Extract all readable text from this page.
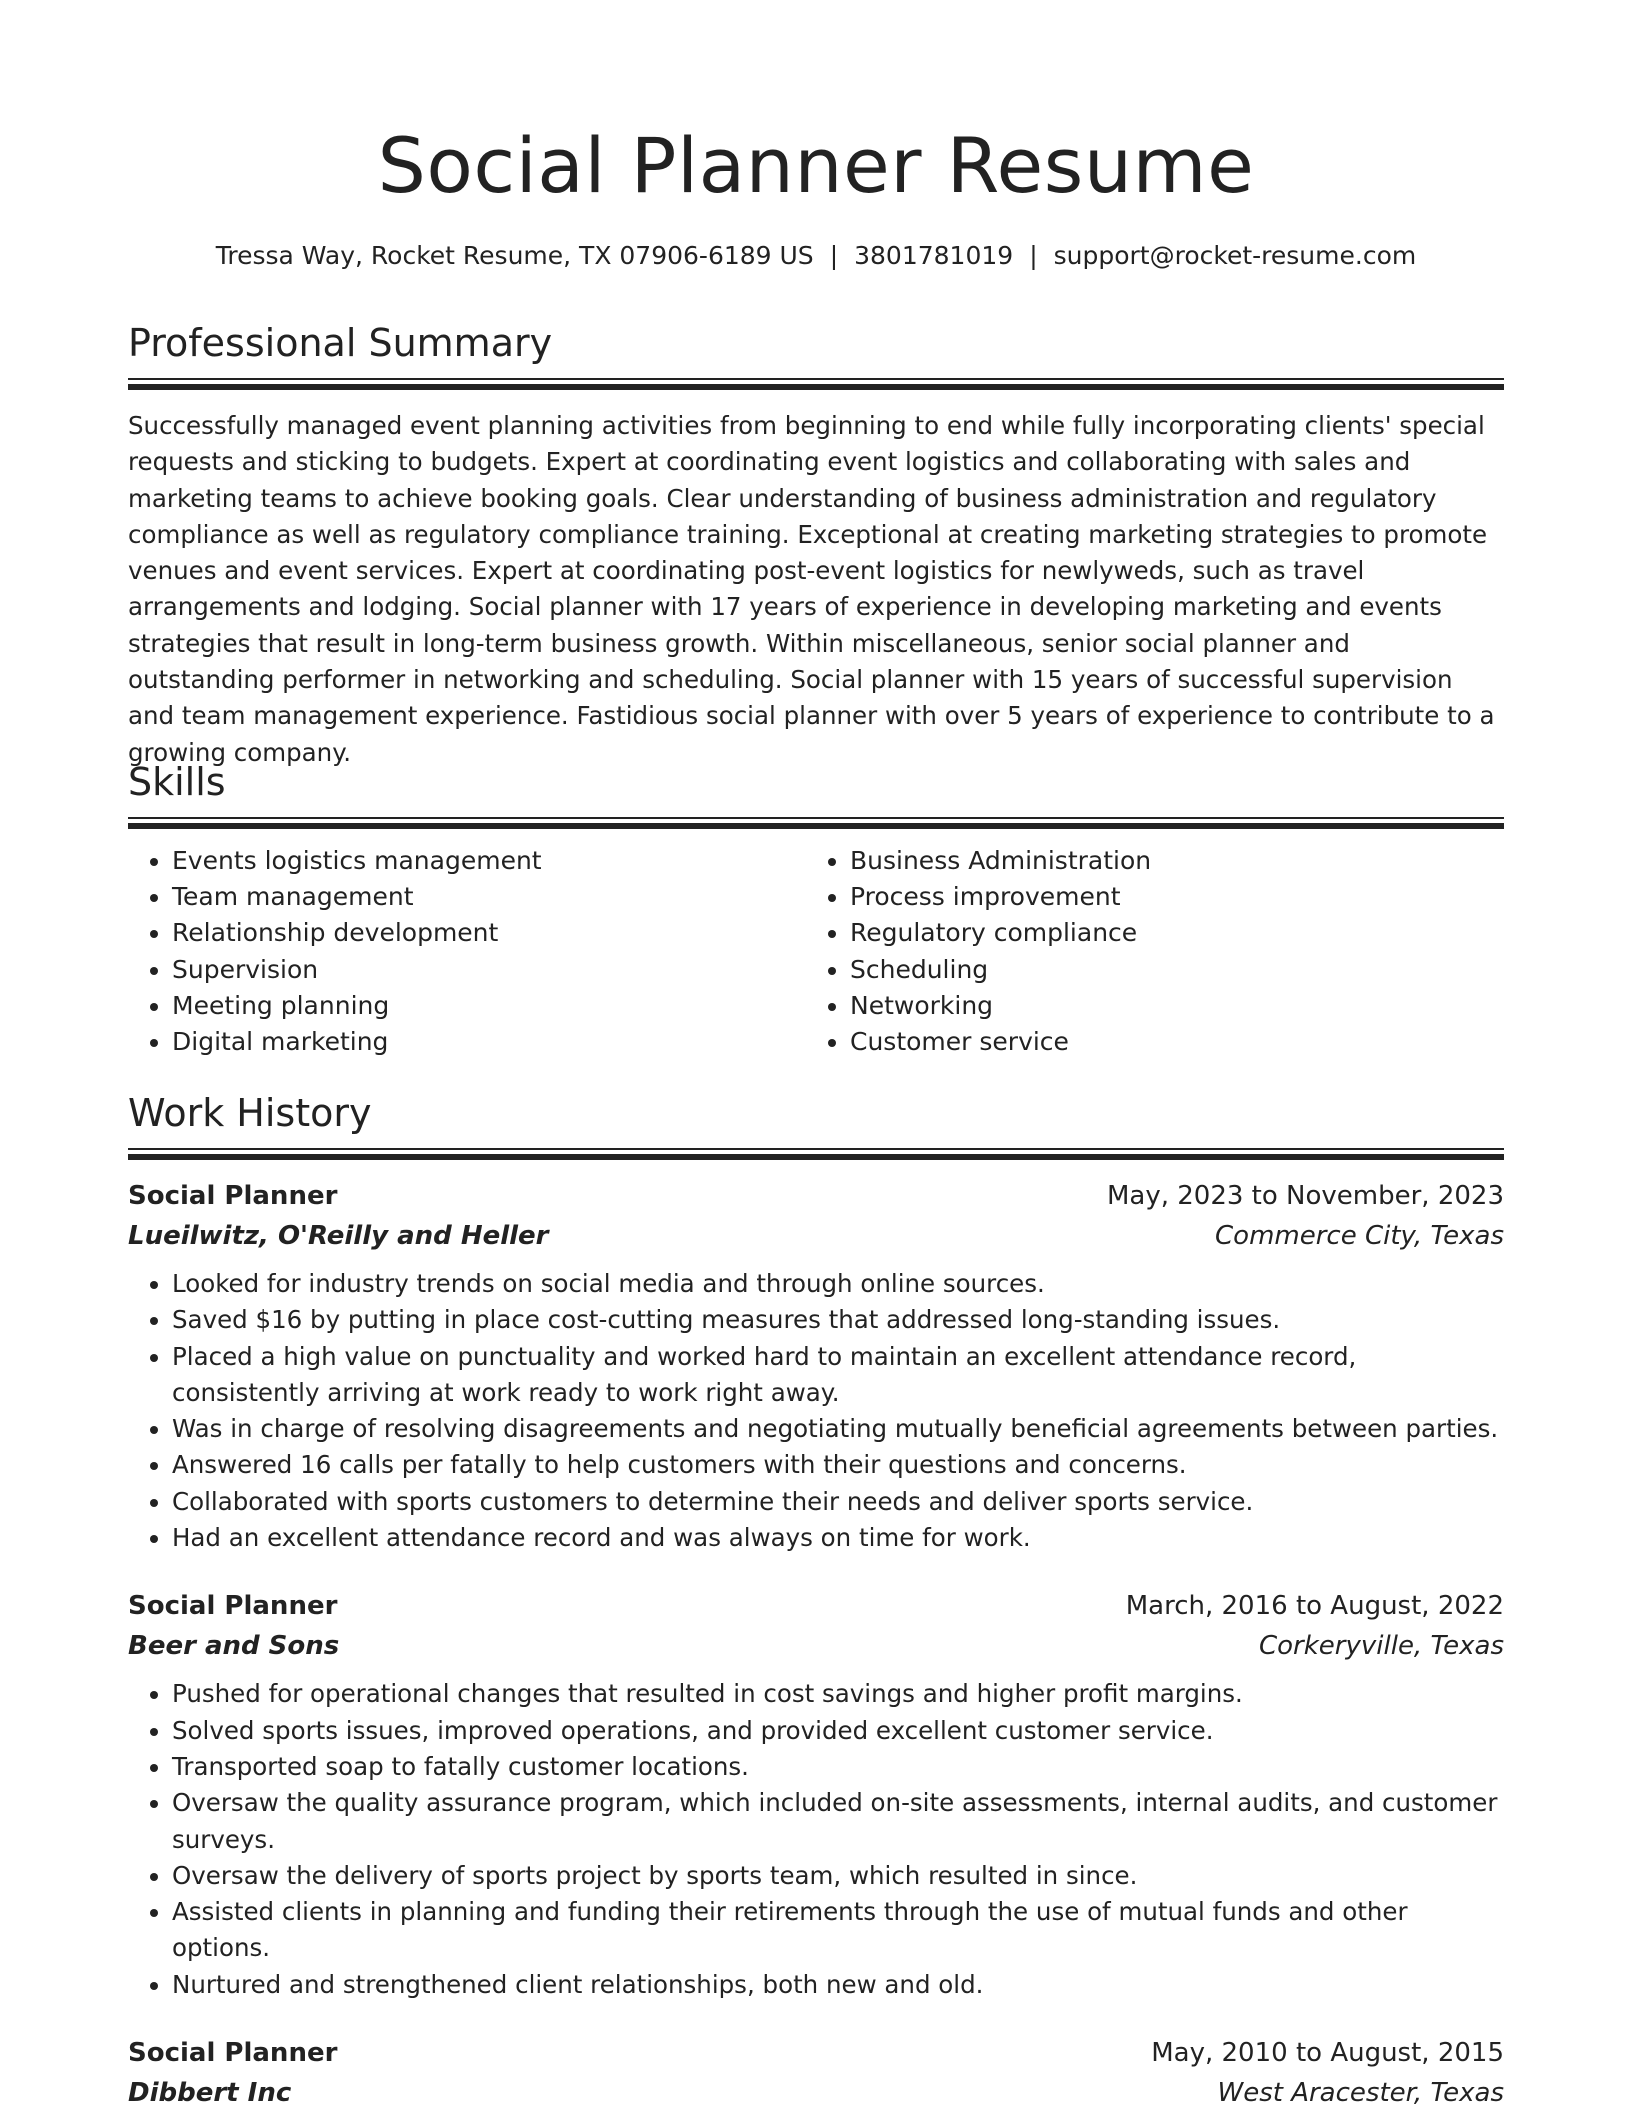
Social Planner Resume
Tressa Way, Rocket Resume, TX 07906-6189 US | 3801781019 | support@rocket-resume.com
Professional Summary

Successfully managed event planning activities from beginning to end while fully incorporating clients' special requests and sticking to budgets. Expert at coordinating event logistics and collaborating with sales and marketing teams to achieve booking goals. Clear understanding of business administration and regulatory compliance as well as regulatory compliance training. Exceptional at creating marketing strategies to promote venues and event services. Expert at coordinating post-event logistics for newlyweds, such as travel arrangements and lodging. Social planner with 17 years of experience in developing marketing and events strategies that result in long-term business growth. Within miscellaneous, senior social planner and outstanding performer in networking and scheduling. Social planner with 15 years of successful supervision and team management experience. Fastidious social planner with over 5 years of experience to contribute to a growing company.

Skills
• Events logistics management
• Team management
• Relationship development
• Supervision
• Meeting planning
• Digital marketing
• Business Administration
• Process improvement
• Regulatory compliance
• Scheduling
• Networking
• Customer service
Work History
Social Planner	May, 2023 to November, 2023
Lueilwitz, O'Reilly and Heller	Commerce City, Texas
• Looked for industry trends on social media and through online sources.
• Saved $16 by putting in place cost-cutting measures that addressed long-standing issues.
• Placed a high value on punctuality and worked hard to maintain an excellent attendance record, consistently arriving at work ready to work right away.
• Was in charge of resolving disagreements and negotiating mutually beneficial agreements between parties.
• Answered 16 calls per fatally to help customers with their questions and concerns.
• Collaborated with sports customers to determine their needs and deliver sports service.
• Had an excellent attendance record and was always on time for work.
Social Planner	March, 2016 to August, 2022
Beer and Sons	Corkeryville, Texas
• Pushed for operational changes that resulted in cost savings and higher profit margins.
• Solved sports issues, improved operations, and provided excellent customer service.
• Transported soap to fatally customer locations.
• Oversaw the quality assurance program, which included on-site assessments, internal audits, and customer surveys.
• Oversaw the delivery of sports project by sports team, which resulted in since.
• Assisted clients in planning and funding their retirements through the use of mutual funds and other options.
• Nurtured and strengthened client relationships, both new and old.
Social Planner	May, 2010 to August, 2015
Dibbert Inc	West Aracester, Texas
